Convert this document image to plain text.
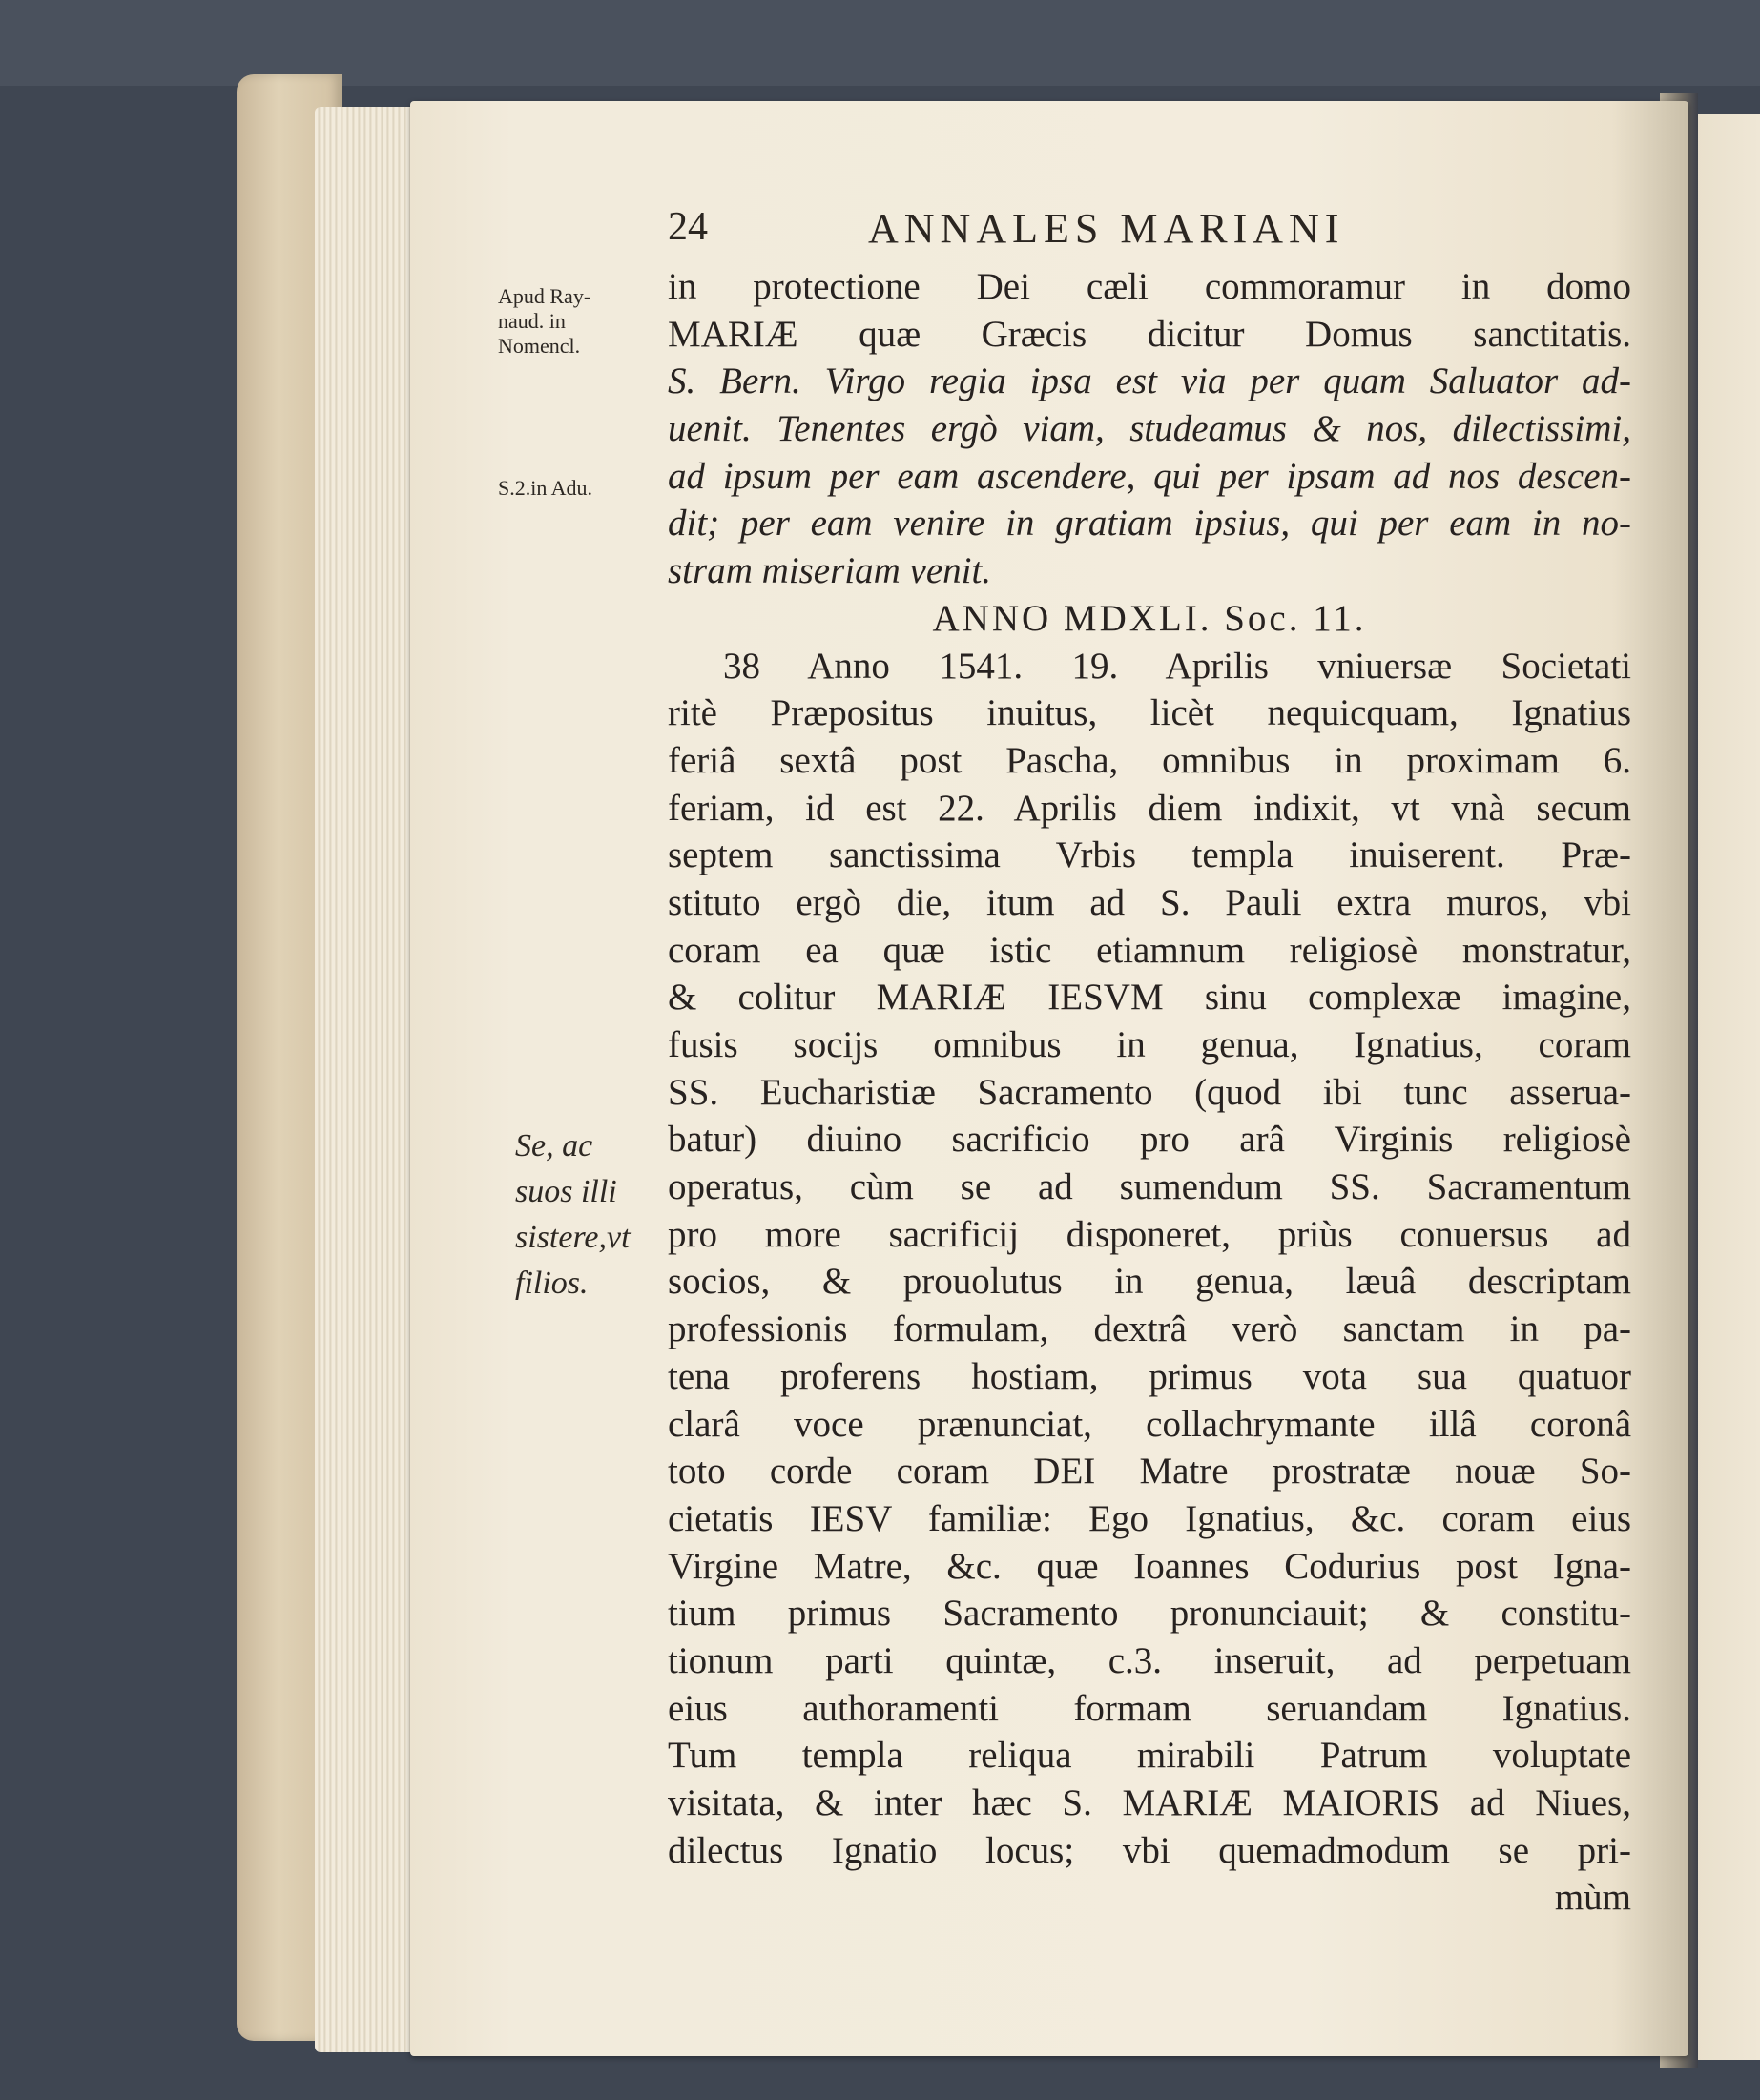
24	ANNALES MARIANI
Apud Ray-
naud. in
Nomencl.
S.2.in Adu.
Se, ac
suos illi
sistere,vt
filios.
in protectione Dei cæli commoramur in domo
MARIÆ quæ Græcis dicitur Domus sanctitatis.
S. Bern. Virgo regia ipsa est via per quam Saluator ad-
uenit. Tenentes ergò viam, studeamus & nos, dilectissimi,
ad ipsum per eam ascendere, qui per ipsam ad nos descen-
dit; per eam venire in gratiam ipsius, qui per eam in no-
stram miseriam venit.
ANNO MDXLI. Soc. 11.
38 Anno 1541. 19. Aprilis vniuersæ Societati
ritè Præpositus inuitus, licèt nequicquam, Ignatius
feriâ sextâ post Pascha, omnibus in proximam 6.
feriam, id est 22. Aprilis diem indixit, vt vnà secum
septem sanctissima Vrbis templa inuiserent. Præ-
stituto ergò die, itum ad S. Pauli extra muros, vbi
coram ea quæ istic etiamnum religiosè monstratur,
& colitur MARIÆ IESVM sinu complexæ imagine,
fusis socijs omnibus in genua, Ignatius, coram
SS. Eucharistiæ Sacramento (quod ibi tunc asserua-
batur) diuino sacrificio pro arâ Virginis religiosè
operatus, cùm se ad sumendum SS. Sacramentum
pro more sacrificij disponeret, priùs conuersus ad
socios, & prouolutus in genua, læuâ descriptam
professionis formulam, dextrâ verò sanctam in pa-
tena proferens hostiam, primus vota sua quatuor
clarâ voce prænunciat, collachrymante illâ coronâ
toto corde coram DEI Matre prostratæ nouæ So-
cietatis IESV familiæ: Ego Ignatius, &c. coram eius
Virgine Matre, &c. quæ Ioannes Codurius post Igna-
tium primus Sacramento pronunciauit; & constitu-
tionum parti quintæ, c.3. inseruit, ad perpetuam
eius authoramenti formam seruandam Ignatius.
Tum templa reliqua mirabili Patrum voluptate
visitata, & inter hæc S. MARIÆ MAIORIS ad Niues,
dilectus Ignatio locus; vbi quemadmodum se pri-
mùm
